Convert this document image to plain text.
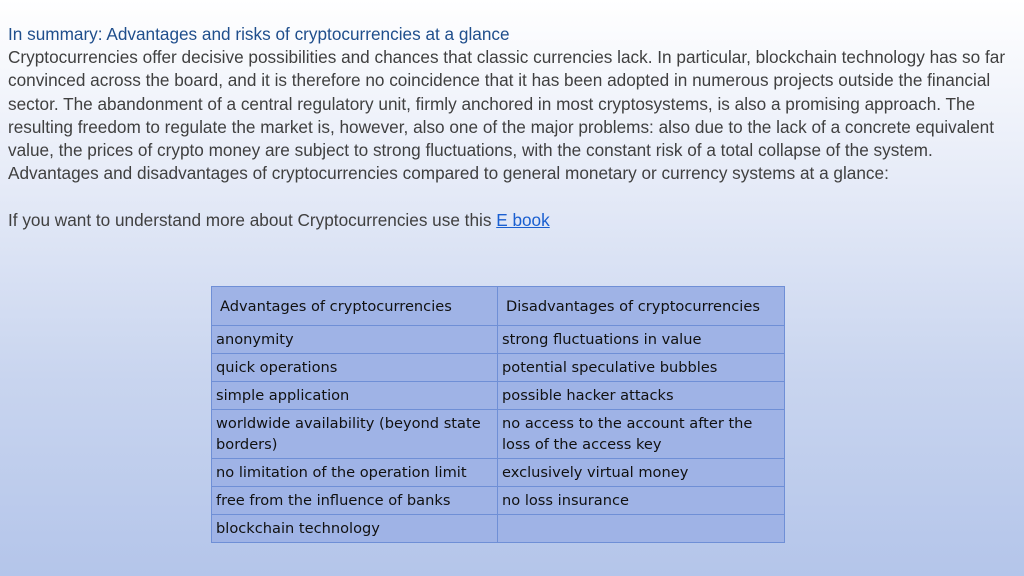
In summary: Advantages and risks of cryptocurrencies at a glance
Cryptocurrencies offer decisive possibilities and chances that classic currencies lack. In particular, blockchain technology has so far convinced across the board, and it is therefore no coincidence that it has been adopted in numerous projects outside the financial sector. The abandonment of a central regulatory unit, firmly anchored in most cryptosystems, is also a promising approach. The resulting freedom to regulate the market is, however, also one of the major problems: also due to the lack of a concrete equivalent value, the prices of crypto money are subject to strong fluctuations, with the constant risk of a total collapse of the system.
Advantages and disadvantages of cryptocurrencies compared to general monetary or currency systems at a glance:
If you want to understand more about Cryptocurrencies use this E book
Advantages of cryptocurrencies	Disadvantages of cryptocurrencies
anonymity	strong fluctuations in value
quick operations	potential speculative bubbles
simple application	possible hacker attacks
worldwide availability (beyond state borders)	no access to the account after the loss of the access key
no limitation of the operation limit	exclusively virtual money
free from the influence of banks	no loss insurance
blockchain technology	
